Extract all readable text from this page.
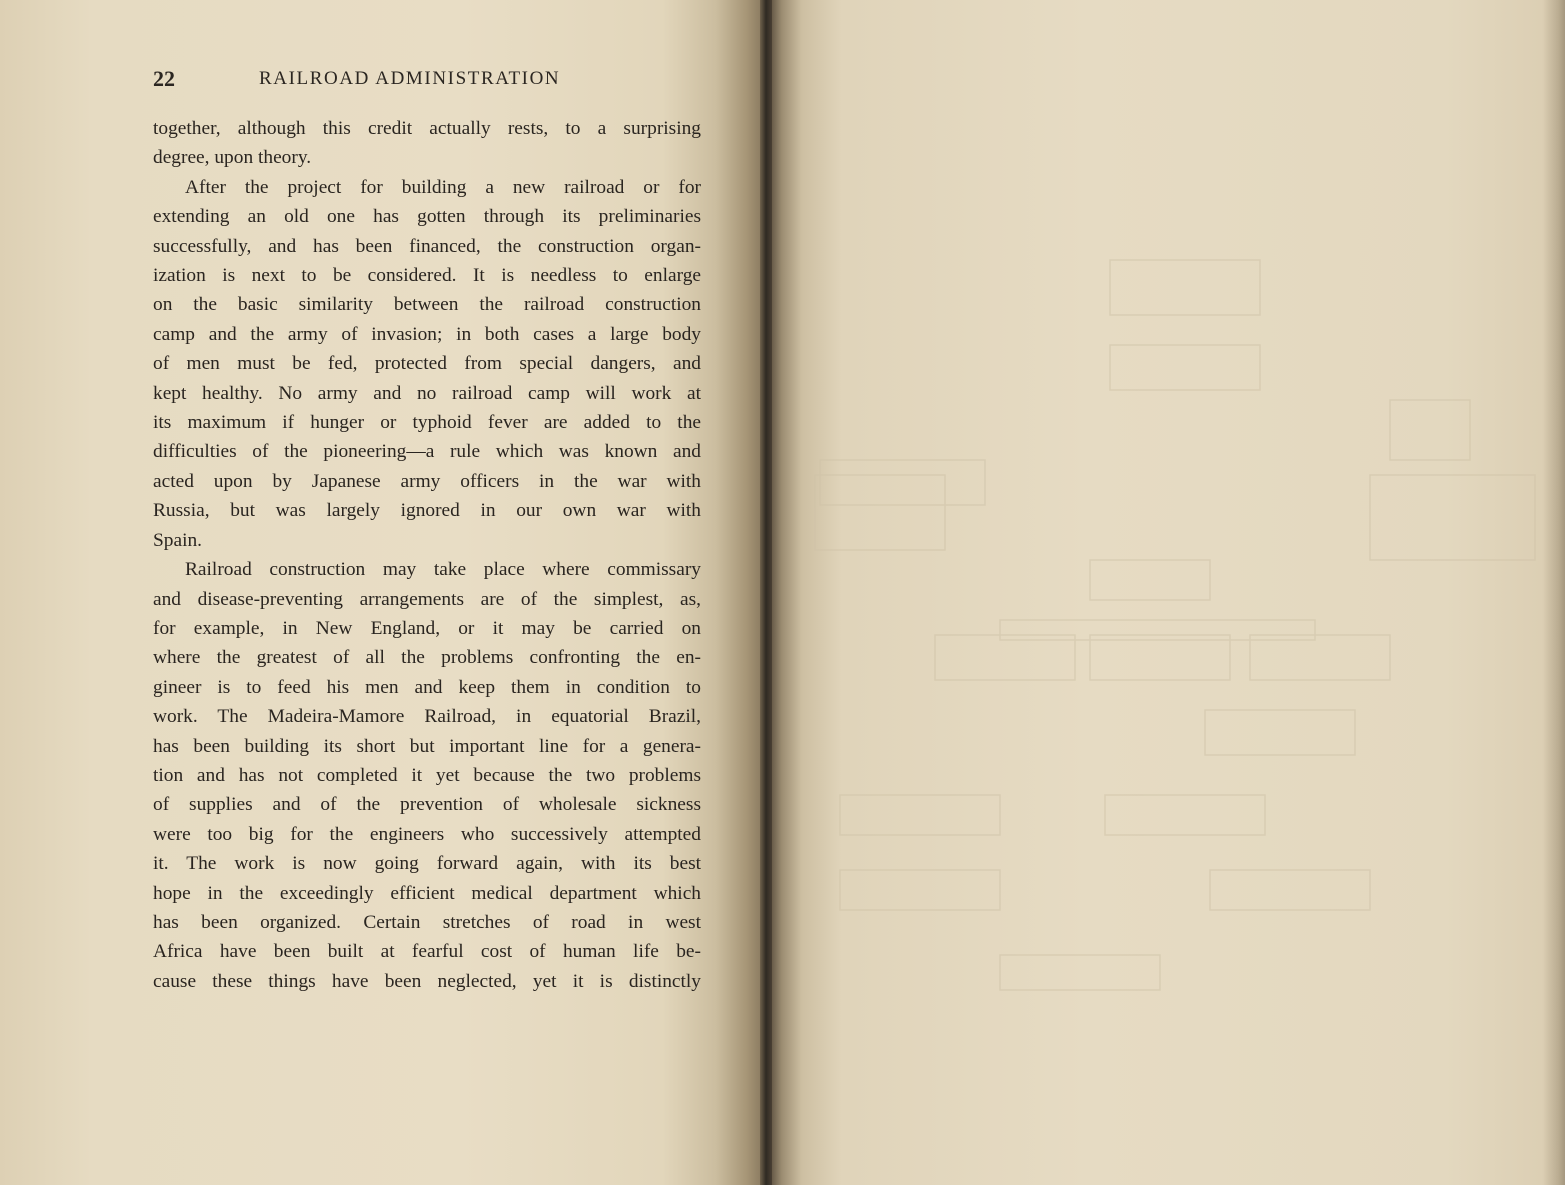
22	RAILROAD ADMINISTRATION
together, although this credit actually rests, to a surprising
degree, upon theory.
After the project for building a new railroad or for
extending an old one has gotten through its preliminaries
successfully, and has been financed, the construction organ-
ization is next to be considered. It is needless to enlarge
on the basic similarity between the railroad construction
camp and the army of invasion; in both cases a large body
of men must be fed, protected from special dangers, and
kept healthy. No army and no railroad camp will work at
its maximum if hunger or typhoid fever are added to the
difficulties of the pioneering—a rule which was known and
acted upon by Japanese army officers in the war with
Russia, but was largely ignored in our own war with
Spain.
Railroad construction may take place where commissary
and disease-preventing arrangements are of the simplest, as,
for example, in New England, or it may be carried on
where the greatest of all the problems confronting the en-
gineer is to feed his men and keep them in condition to
work. The Madeira-Mamore Railroad, in equatorial Brazil,
has been building its short but important line for a genera-
tion and has not completed it yet because the two problems
of supplies and of the prevention of wholesale sickness
were too big for the engineers who successively attempted
it. The work is now going forward again, with its best
hope in the exceedingly efficient medical department which
has been organized. Certain stretches of road in west
Africa have been built at fearful cost of human life be-
cause these things have been neglected, yet it is distinctly
